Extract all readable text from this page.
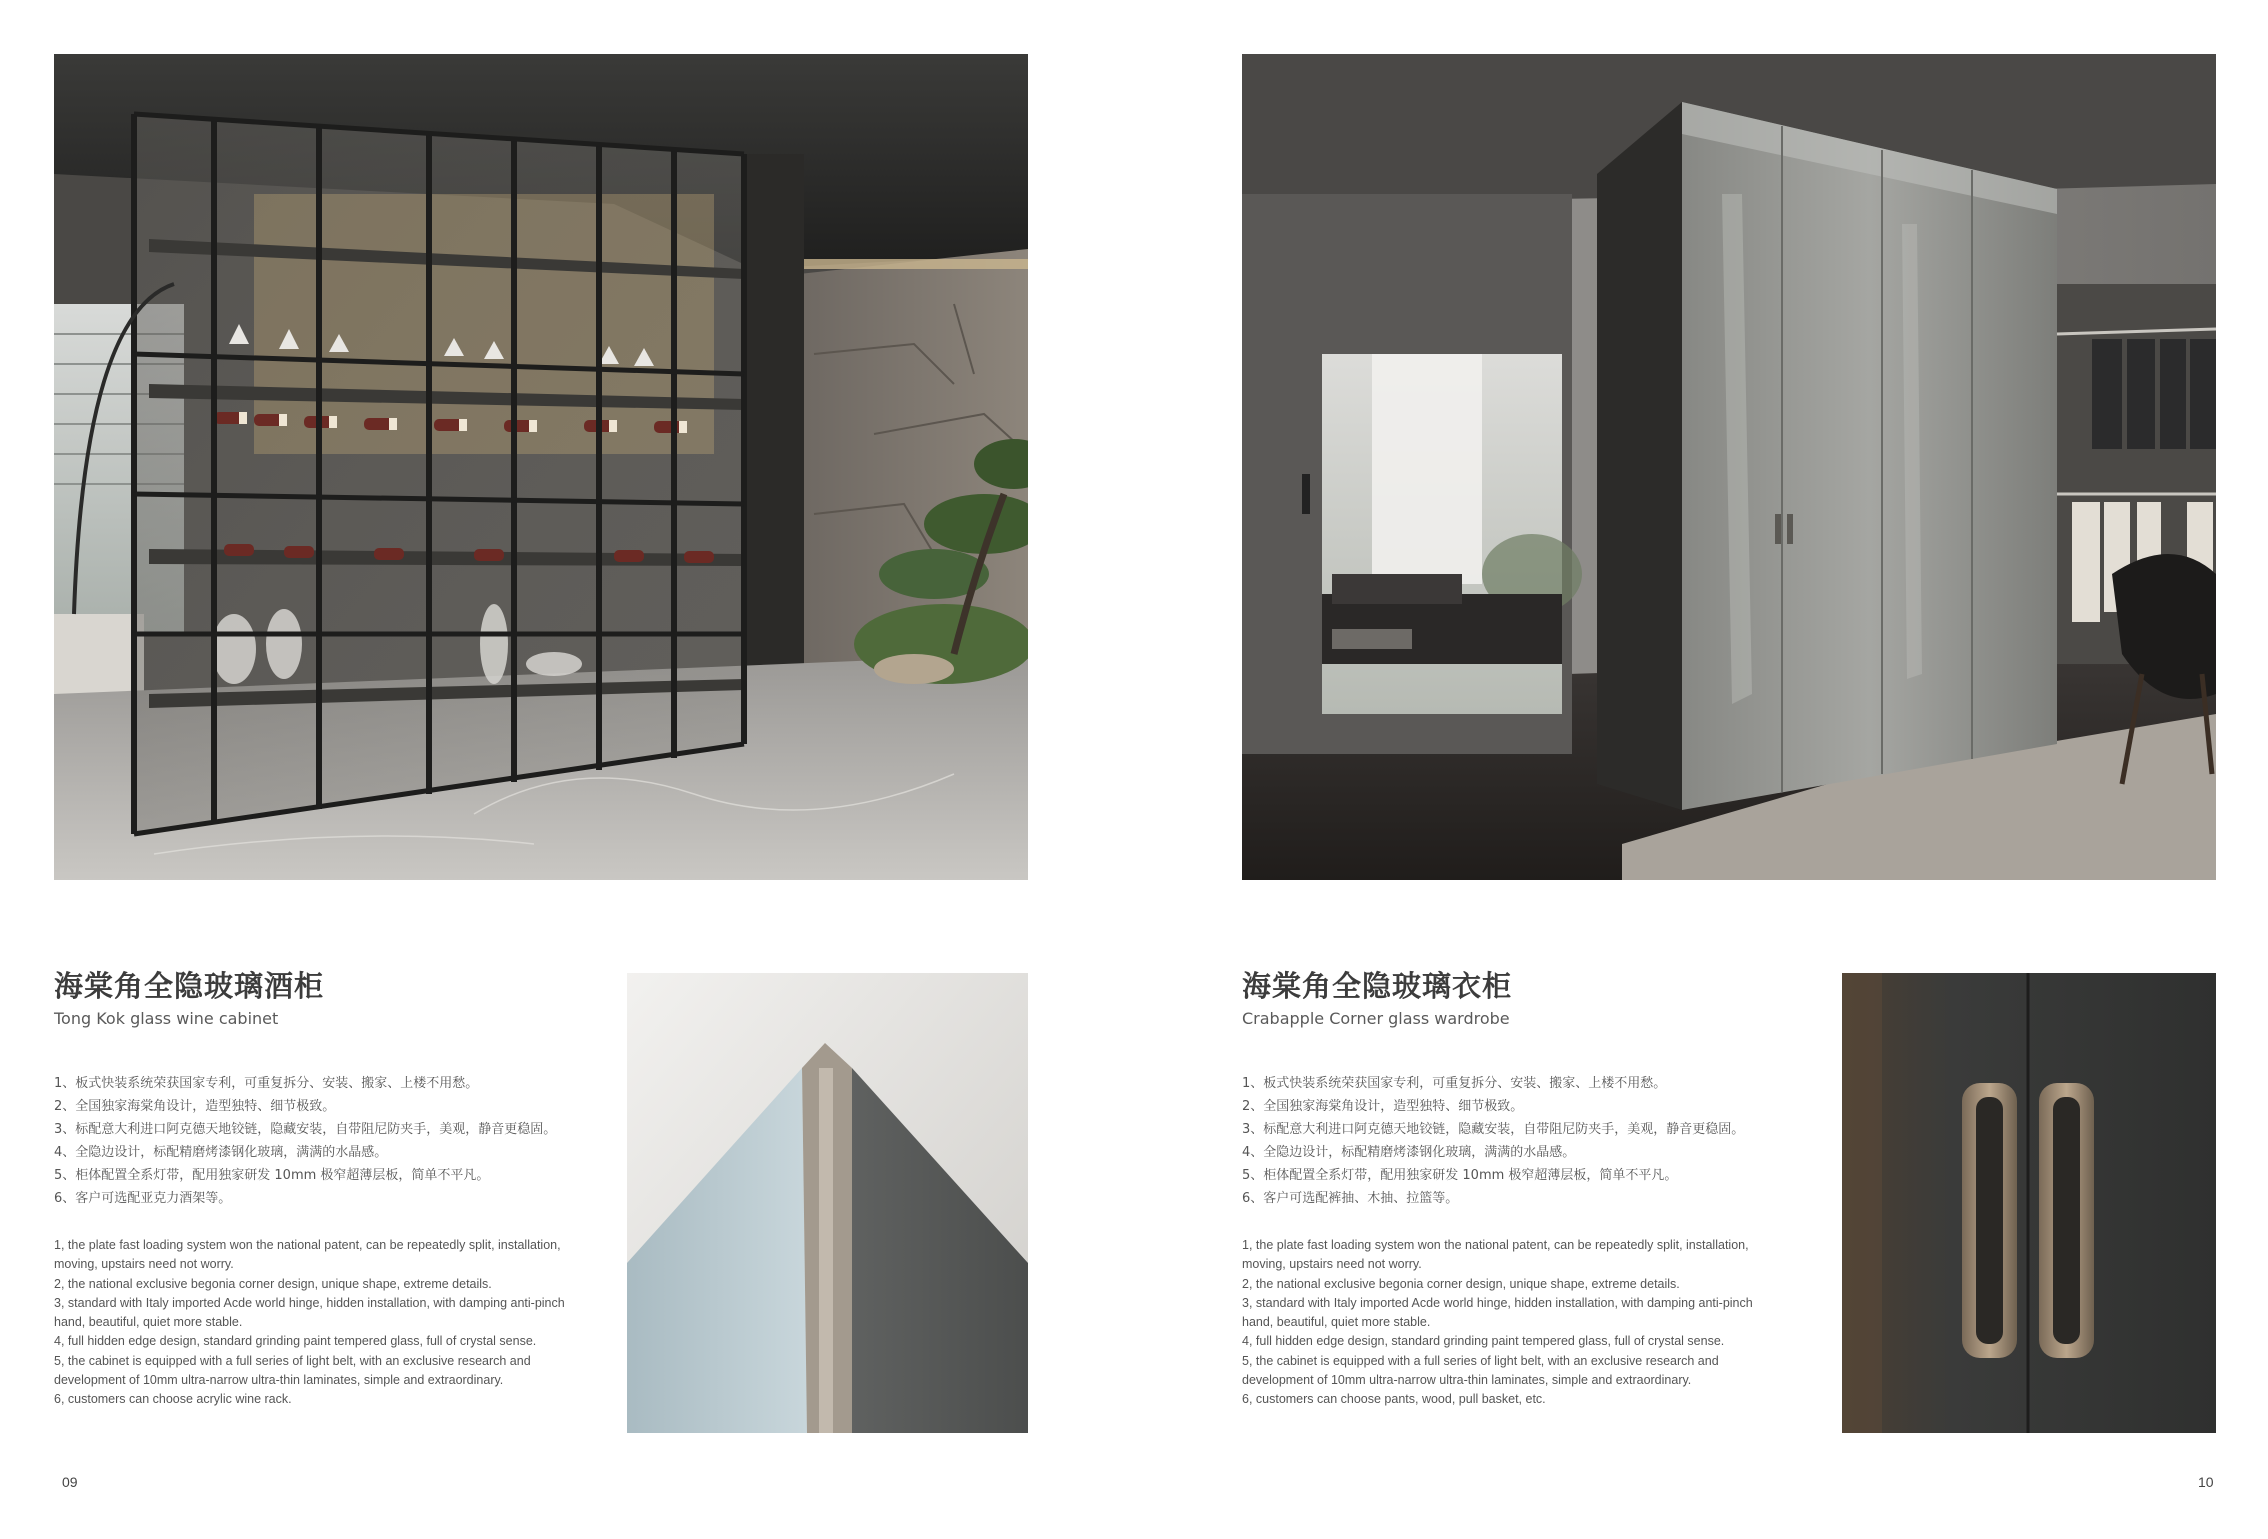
海棠角全隐玻璃酒柜
Tong Kok glass wine cabinet
1、板式快装系统荣获国家专利，可重复拆分、安装、搬家、上楼不用愁。
2、全国独家海棠角设计，造型独特、细节极致。
3、标配意大利进口阿克德天地铰链，隐藏安装，自带阻尼防夹手，美观，静音更稳固。
4、全隐边设计，标配精磨烤漆钢化玻璃，满满的水晶感。
5、柜体配置全系灯带，配用独家研发 10mm 极窄超薄层板，简单不平凡。
6、客户可选配亚克力酒架等。
1, the plate fast loading system won the national patent, can be repeatedly split, installation, moving, upstairs need not worry.
2, the national exclusive begonia corner design, unique shape, extreme details.
3, standard with Italy imported Acde world hinge, hidden installation, with damping anti-pinch hand, beautiful, quiet more stable.
4, full hidden edge design, standard grinding paint tempered glass, full of crystal sense.
5, the cabinet is equipped with a full series of light belt, with an exclusive research and development of 10mm ultra-narrow ultra-thin laminates, simple and extraordinary.
6, customers can choose acrylic wine rack.
海棠角全隐玻璃衣柜
Crabapple Corner glass wardrobe
1、板式快装系统荣获国家专利，可重复拆分、安装、搬家、上楼不用愁。
2、全国独家海棠角设计，造型独特、细节极致。
3、标配意大利进口阿克德天地铰链，隐藏安装，自带阻尼防夹手，美观，静音更稳固。
4、全隐边设计，标配精磨烤漆钢化玻璃，满满的水晶感。
5、柜体配置全系灯带，配用独家研发 10mm 极窄超薄层板，简单不平凡。
6、客户可选配裤抽、木抽、拉篮等。
1, the plate fast loading system won the national patent, can be repeatedly split, installation, moving, upstairs need not worry.
2, the national exclusive begonia corner design, unique shape, extreme details.
3, standard with Italy imported Acde world hinge, hidden installation, with damping anti-pinch hand, beautiful, quiet more stable.
4, full hidden edge design, standard grinding paint tempered glass, full of crystal sense.
5, the cabinet is equipped with a full series of light belt, with an exclusive research and development of 10mm ultra-narrow ultra-thin laminates, simple and extraordinary.
6, customers can choose pants, wood, pull basket, etc.
09	10
